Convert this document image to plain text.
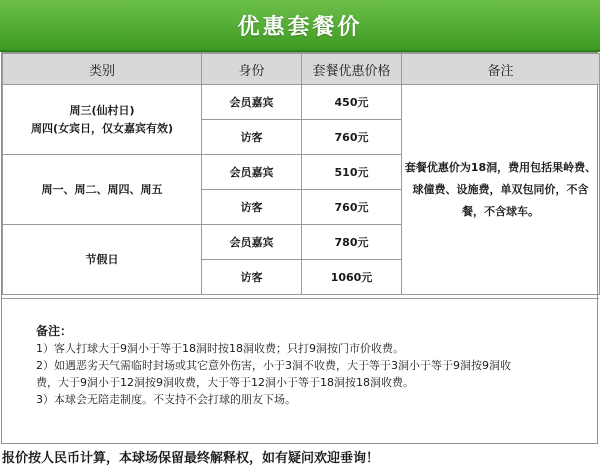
优惠套餐价
类别	身份	套餐优惠价格	备注

周三(仙村日)
周四(女宾日，仅女嘉宾有效)	会员嘉宾	450元	套餐优惠价为18洞，费用包括果岭费、球僮费、设施费，单双包同价，不含餐，不含球车。
	访客	760元	

周一、周二、周四、周五	会员嘉宾	510元	
	访客	760元	

节假日	会员嘉宾	780元	
	访客	1060元	

备注：

1）客人打球大于9洞小于等于18洞时按18洞收费；只打9洞按门市价收费。

2）如遇恶劣天气需临时封场或其它意外伤害，小于3洞不收费，大于等于3洞小于等于9洞按9洞收

费，大于9洞小于12洞按9洞收费，大于等于12洞小于等于18洞按18洞收费。

3）本球会无陪走制度。不支持不会打球的朋友下场。

报价按人民币计算，本球场保留最终解释权，如有疑问欢迎垂询！
